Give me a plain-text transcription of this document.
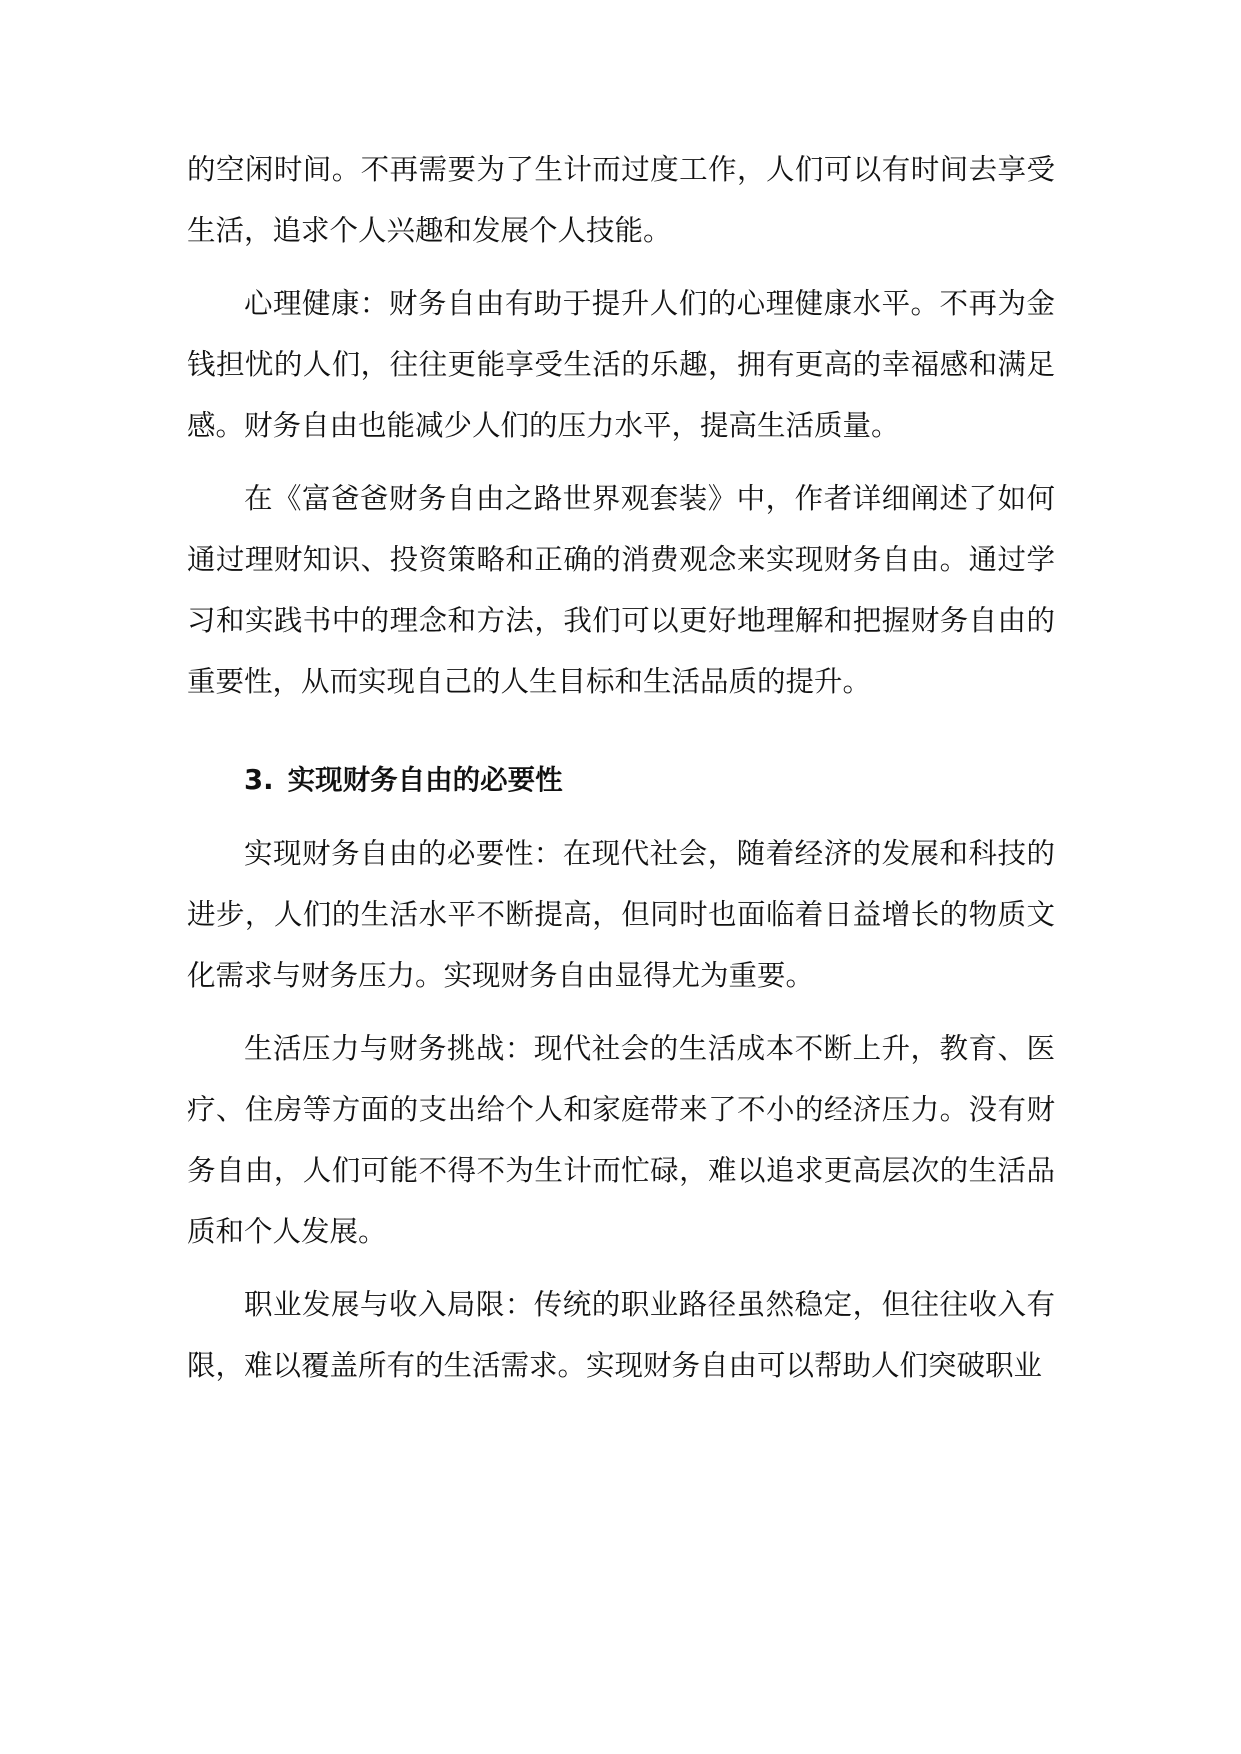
的空闲时间。不再需要为了生计而过度工作，人们可以有时间去享受生活，追求个人兴趣和发展个人技能。

心理健康：财务自由有助于提升人们的心理健康水平。不再为金钱担忧的人们，往往更能享受生活的乐趣，拥有更高的幸福感和满足感。财务自由也能减少人们的压力水平，提高生活质量。

在《富爸爸财务自由之路世界观套装》中，作者详细阐述了如何通过理财知识、投资策略和正确的消费观念来实现财务自由。通过学习和实践书中的理念和方法，我们可以更好地理解和把握财务自由的重要性，从而实现自己的人生目标和生活品质的提升。

3. 实现财务自由的必要性

实现财务自由的必要性：在现代社会，随着经济的发展和科技的进步，人们的生活水平不断提高，但同时也面临着日益增长的物质文化需求与财务压力。实现财务自由显得尤为重要。

生活压力与财务挑战：现代社会的生活成本不断上升，教育、医疗、住房等方面的支出给个人和家庭带来了不小的经济压力。没有财务自由，人们可能不得不为生计而忙碌，难以追求更高层次的生活品质和个人发展。

职业发展与收入局限：传统的职业路径虽然稳定，但往往收入有限，难以覆盖所有的生活需求。实现财务自由可以帮助人们突破职业
